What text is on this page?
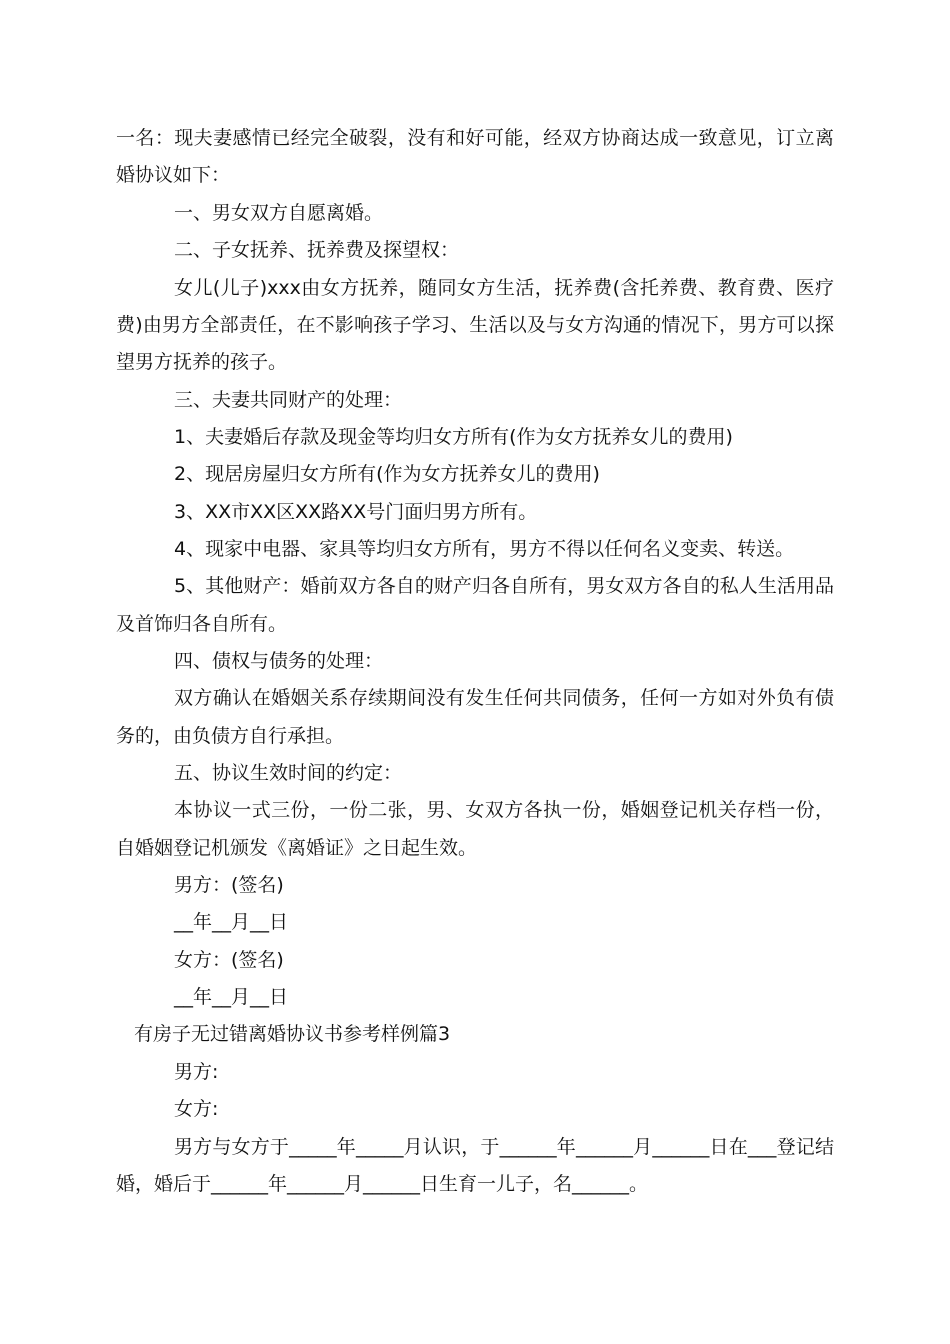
一名：现夫妻感情已经完全破裂，没有和好可能，经双方协商达成一致意见，订立离
婚协议如下：
一、男女双方自愿离婚。
二、子女抚养、抚养费及探望权：
女儿(儿子)xxx由女方抚养，随同女方生活，抚养费(含托养费、教育费、医疗
费)由男方全部责任，在不影响孩子学习、生活以及与女方沟通的情况下，男方可以探
望男方抚养的孩子。
三、夫妻共同财产的处理：
1、夫妻婚后存款及现金等均归女方所有(作为女方抚养女儿的费用)
2、现居房屋归女方所有(作为女方抚养女儿的费用)
3、XX市XX区XX路XX号门面归男方所有。
4、现家中电器、家具等均归女方所有，男方不得以任何名义变卖、转送。
5、其他财产：婚前双方各自的财产归各自所有，男女双方各自的私人生活用品
及首饰归各自所有。
四、债权与债务的处理：
双方确认在婚姻关系存续期间没有发生任何共同债务，任何一方如对外负有债
务的，由负债方自行承担。
五、协议生效时间的约定：
本协议一式三份，一份二张，男、女双方各执一份，婚姻登记机关存档一份，
自婚姻登记机颁发《离婚证》之日起生效。
男方：(签名)
__年__月__日
女方：(签名)
__年__月__日
有房子无过错离婚协议书参考样例篇3
男方:
女方:
男方与女方于_____年_____月认识，于______年______月______日在___登记结
婚，婚后于______年______月______日生育一儿子，名______。
